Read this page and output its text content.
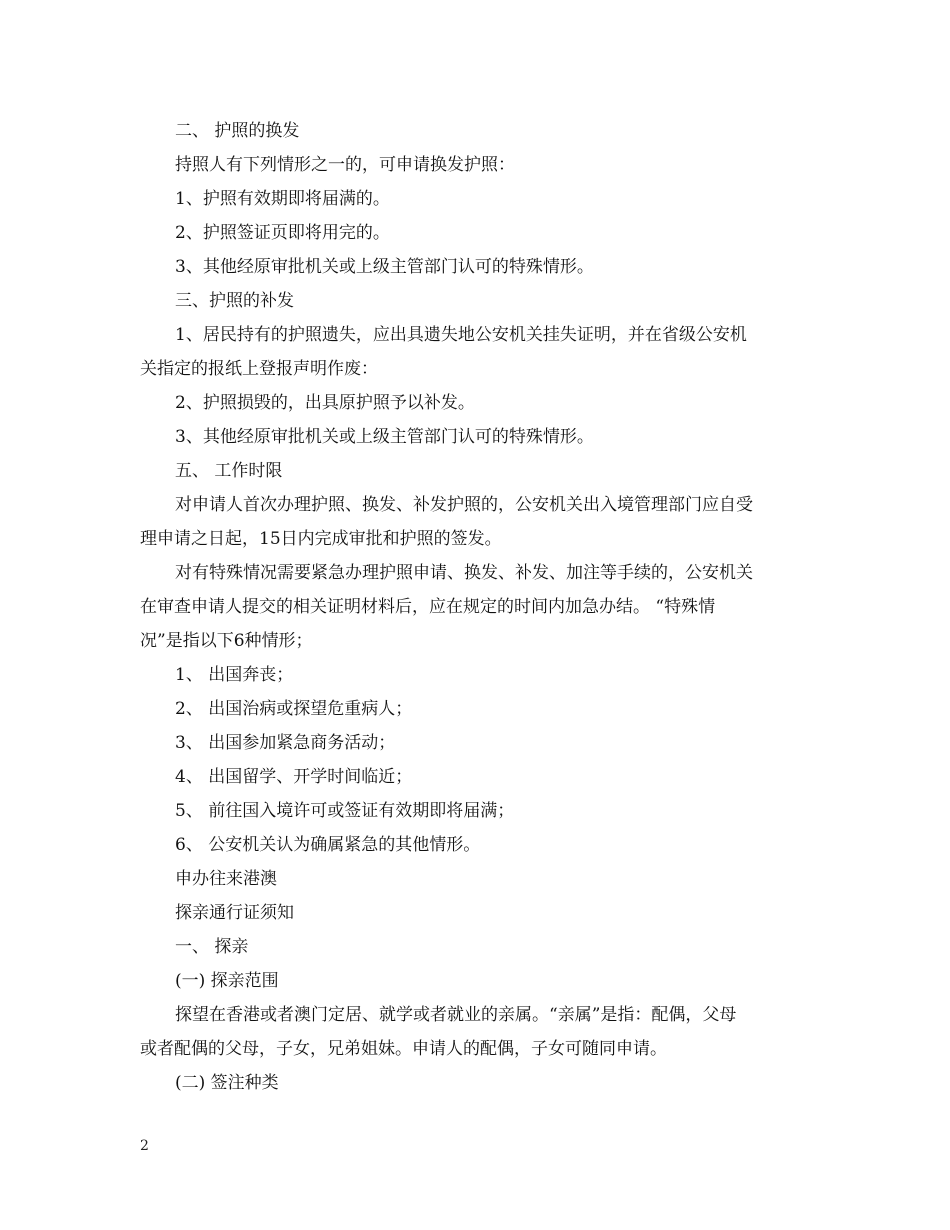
二、 护照的换发
持照人有下列情形之一的，可申请换发护照：
1、护照有效期即将届满的。
2、护照签证页即将用完的。
3、其他经原审批机关或上级主管部门认可的特殊情形。
三、护照的补发
1、居民持有的护照遗失，应出具遗失地公安机关挂失证明，并在省级公安机
关指定的报纸上登报声明作废：
2、护照损毁的，出具原护照予以补发。
3、其他经原审批机关或上级主管部门认可的特殊情形。
五、 工作时限
对申请人首次办理护照、换发、补发护照的，公安机关出入境管理部门应自受
理申请之日起，15日内完成审批和护照的签发。
对有特殊情况需要紧急办理护照申请、换发、补发、加注等手续的，公安机关
在审查申请人提交的相关证明材料后，应在规定的时间内加急办结。 “特殊情
况”是指以下6种情形；
1、 出国奔丧；
2、 出国治病或探望危重病人；
3、 出国参加紧急商务活动；
4、 出国留学、开学时间临近；
5、 前往国入境许可或签证有效期即将届满；
6、 公安机关认为确属紧急的其他情形。
申办往来港澳
探亲通行证须知
一、 探亲
(一) 探亲范围
探望在香港或者澳门定居、就学或者就业的亲属。“亲属”是指：配偶，父母
或者配偶的父母，子女，兄弟姐妹。申请人的配偶，子女可随同申请。
(二) 签注种类
2
